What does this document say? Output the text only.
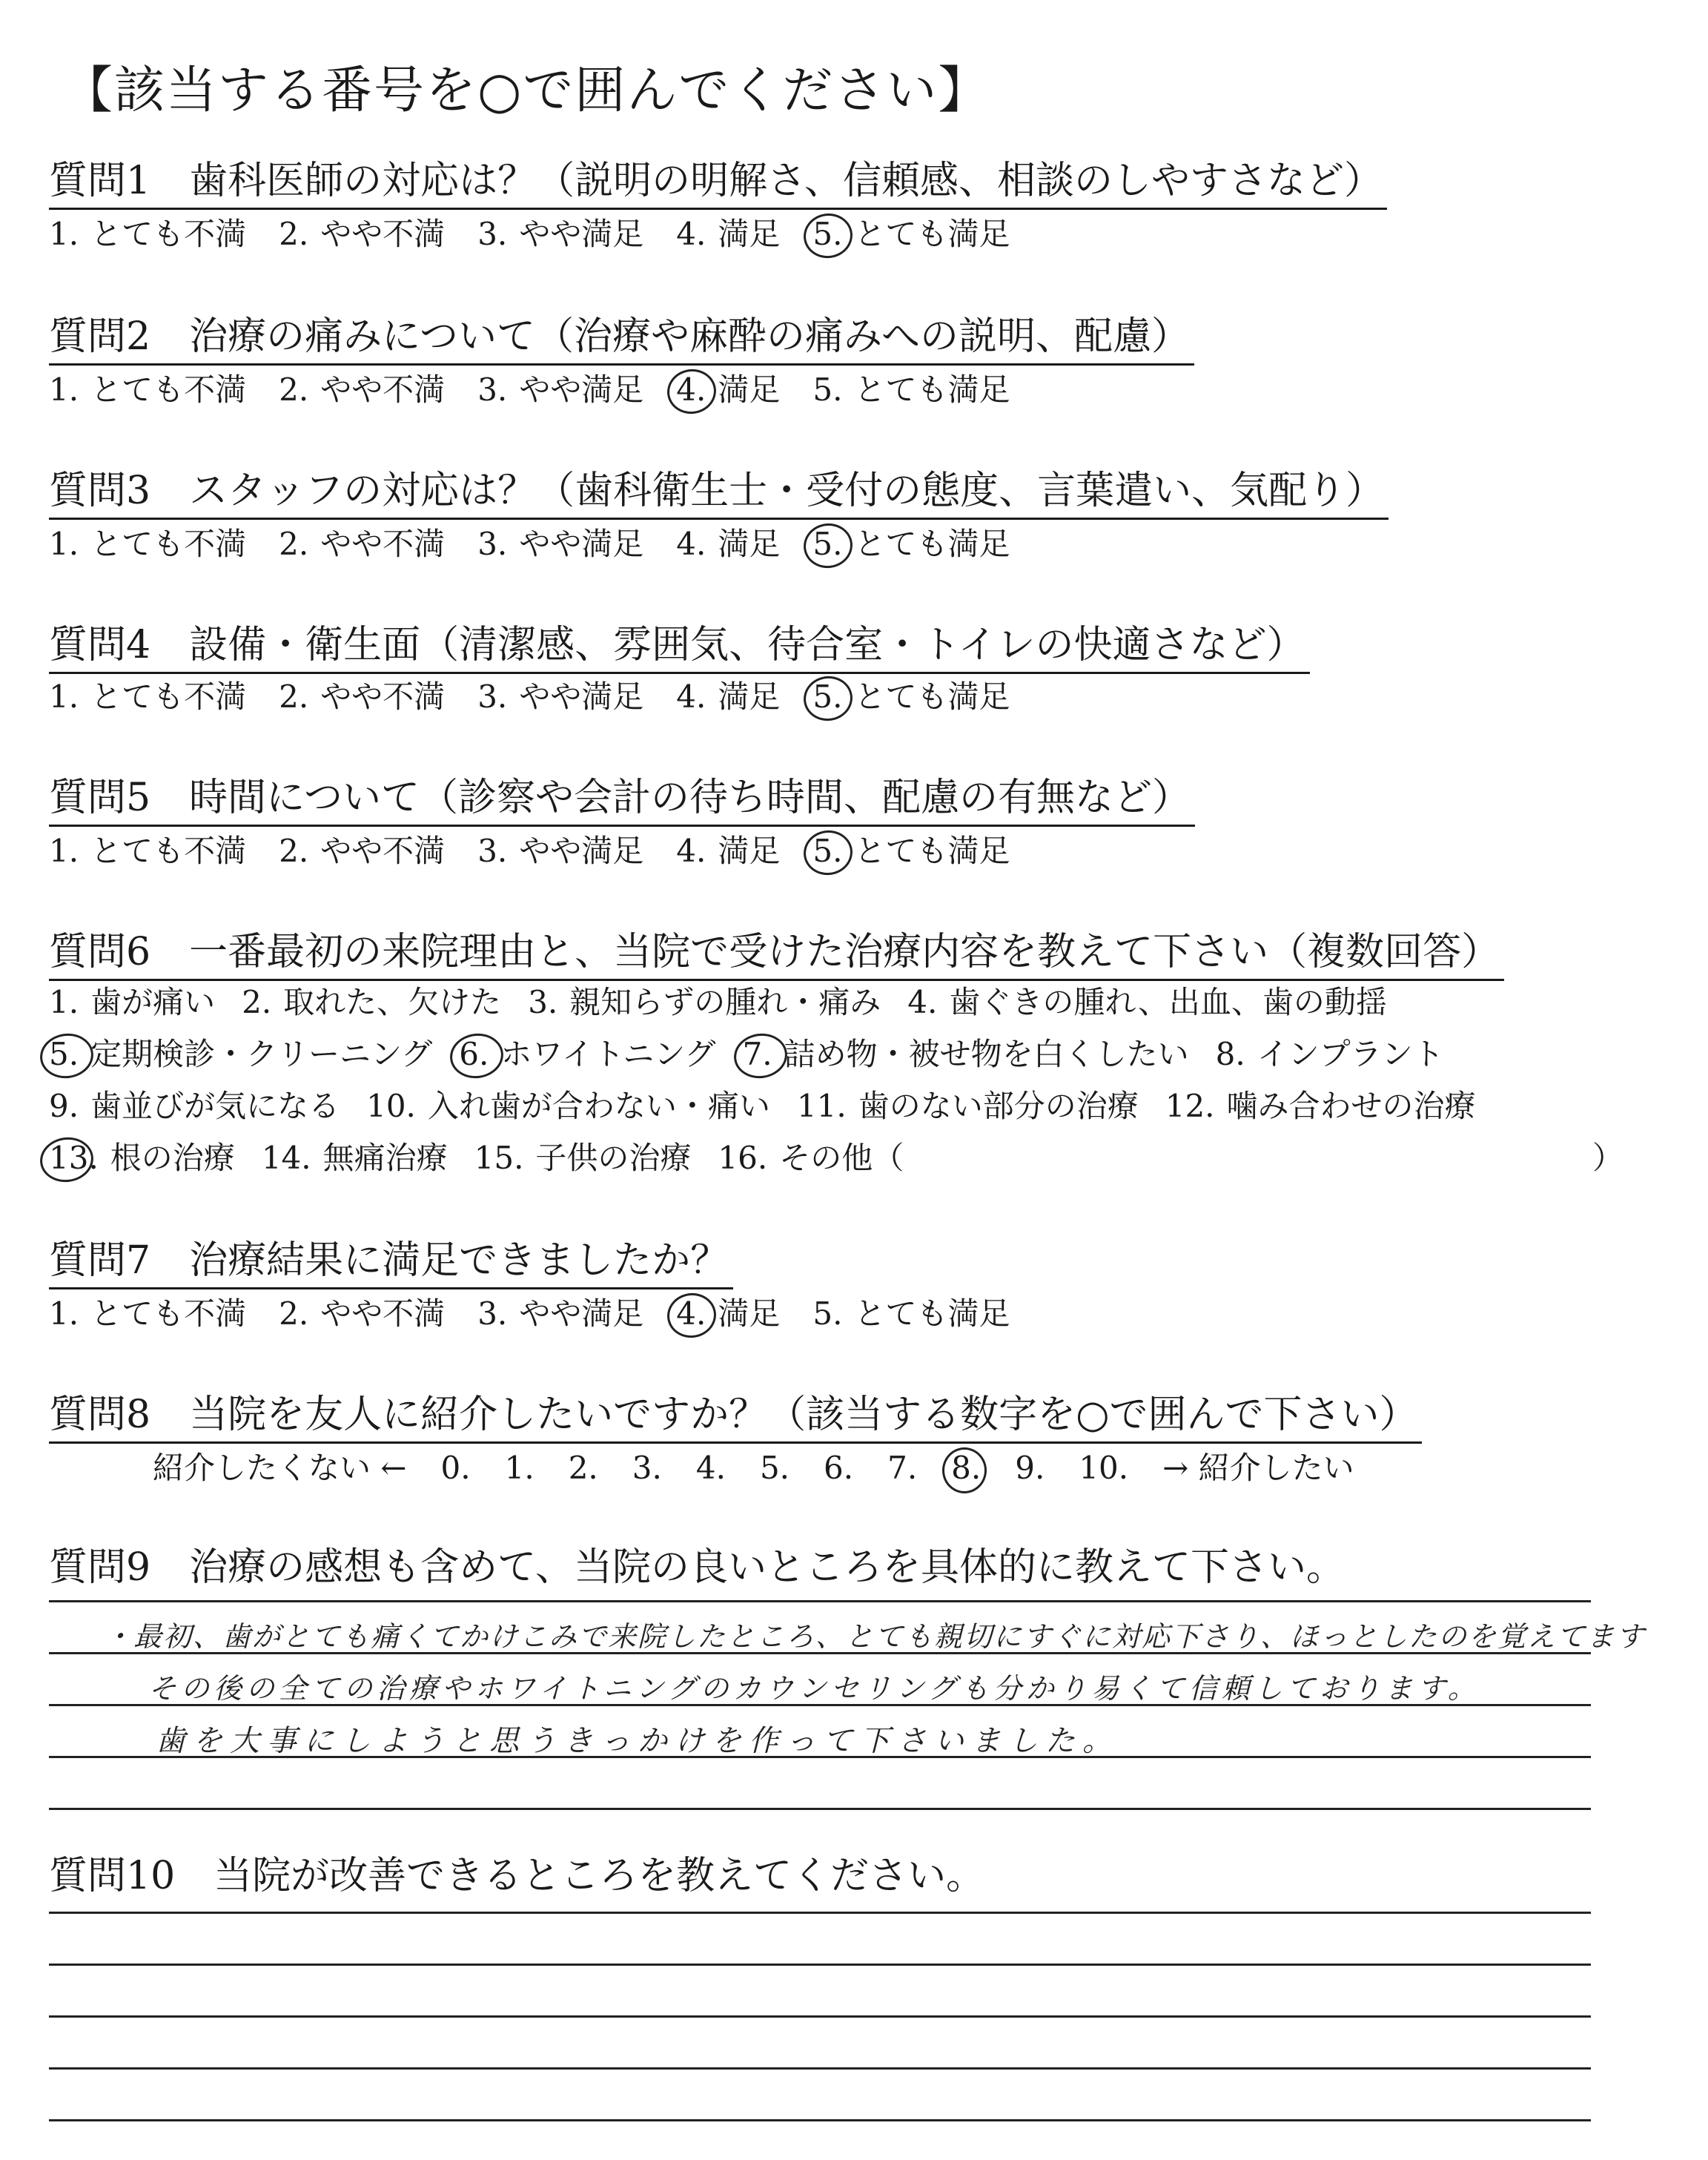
【該当する番号を○で囲んでください】
質問1　歯科医師の対応は？（説明の明解さ、信頼感、相談のしやすさなど）
1. とても不満 2. やや不満 3. やや満足 4. 満足 5. とても満足
質問2　治療の痛みについて（治療や麻酔の痛みへの説明、配慮）
1. とても不満 2. やや不満 3. やや満足 4. 満足 5. とても満足
質問3　スタッフの対応は？（歯科衛生士・受付の態度、言葉遣い、気配り）
1. とても不満 2. やや不満 3. やや満足 4. 満足 5. とても満足
質問4　設備・衛生面（清潔感、雰囲気、待合室・トイレの快適さなど）
1. とても不満 2. やや不満 3. やや満足 4. 満足 5. とても満足
質問5　時間について（診察や会計の待ち時間、配慮の有無など）
1. とても不満 2. やや不満 3. やや満足 4. 満足 5. とても満足
質問6　一番最初の来院理由と、当院で受けた治療内容を教えて下さい（複数回答）
1. 歯が痛い 2. 取れた、欠けた 3. 親知らずの腫れ・痛み 4. 歯ぐきの腫れ、出血、歯の動揺
5. 定期検診・クリーニング 6. ホワイトニング 7. 詰め物・被せ物を白くしたい 8. インプラント
9. 歯並びが気になる 10. 入れ歯が合わない・痛い 11. 歯のない部分の治療 12. 噛み合わせの治療
13. 根の治療 14. 無痛治療 15. 子供の治療 16. その他（	）
質問7　治療結果に満足できましたか？
1. とても不満 2. やや不満 3. やや満足 4. 満足 5. とても満足
質問8　当院を友人に紹介したいですか？（該当する数字を○で囲んで下さい）
紹介したくない ← 0. 1. 2. 3. 4. 5. 6. 7. 8. 9. 10. → 紹介したい
質問9　治療の感想も含めて、当院の良いところを具体的に教えて下さい。
・最初、歯がとても痛くてかけこみで来院したところ、とても親切にすぐに対応下さり、ほっとしたのを覚えてます
その後の全ての治療やホワイトニングのカウンセリングも分かり易くて信頼しております。
歯を大事にしようと思うきっかけを作って下さいました。
質問10　当院が改善できるところを教えてください。
